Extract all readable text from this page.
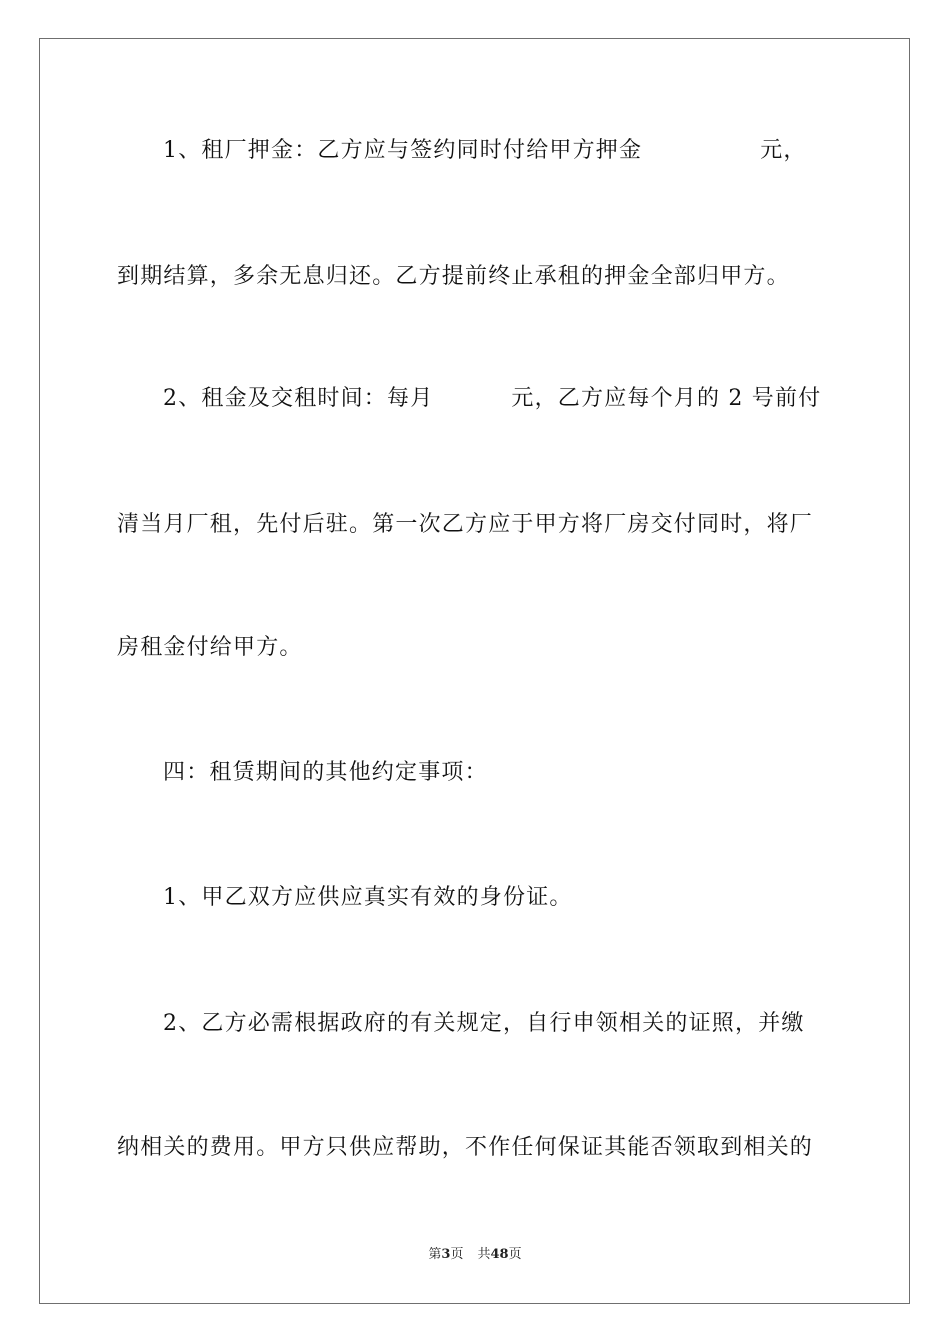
1、租厂押金：乙方应与签约同时付给甲方押金	元，
到期结算，多余无息归还。乙方提前终止承租的押金全部归甲方。
2、租金及交租时间：每月	元，乙方应每个月的 2 号前付
清当月厂租，先付后驻。第一次乙方应于甲方将厂房交付同时，将厂
房租金付给甲方。
四：租赁期间的其他约定事项：
1、甲乙双方应供应真实有效的身份证。
2、乙方必需根据政府的有关规定，自行申领相关的证照，并缴
纳相关的费用。甲方只供应帮助，不作任何保证其能否领取到相关的
第3页 共48页
